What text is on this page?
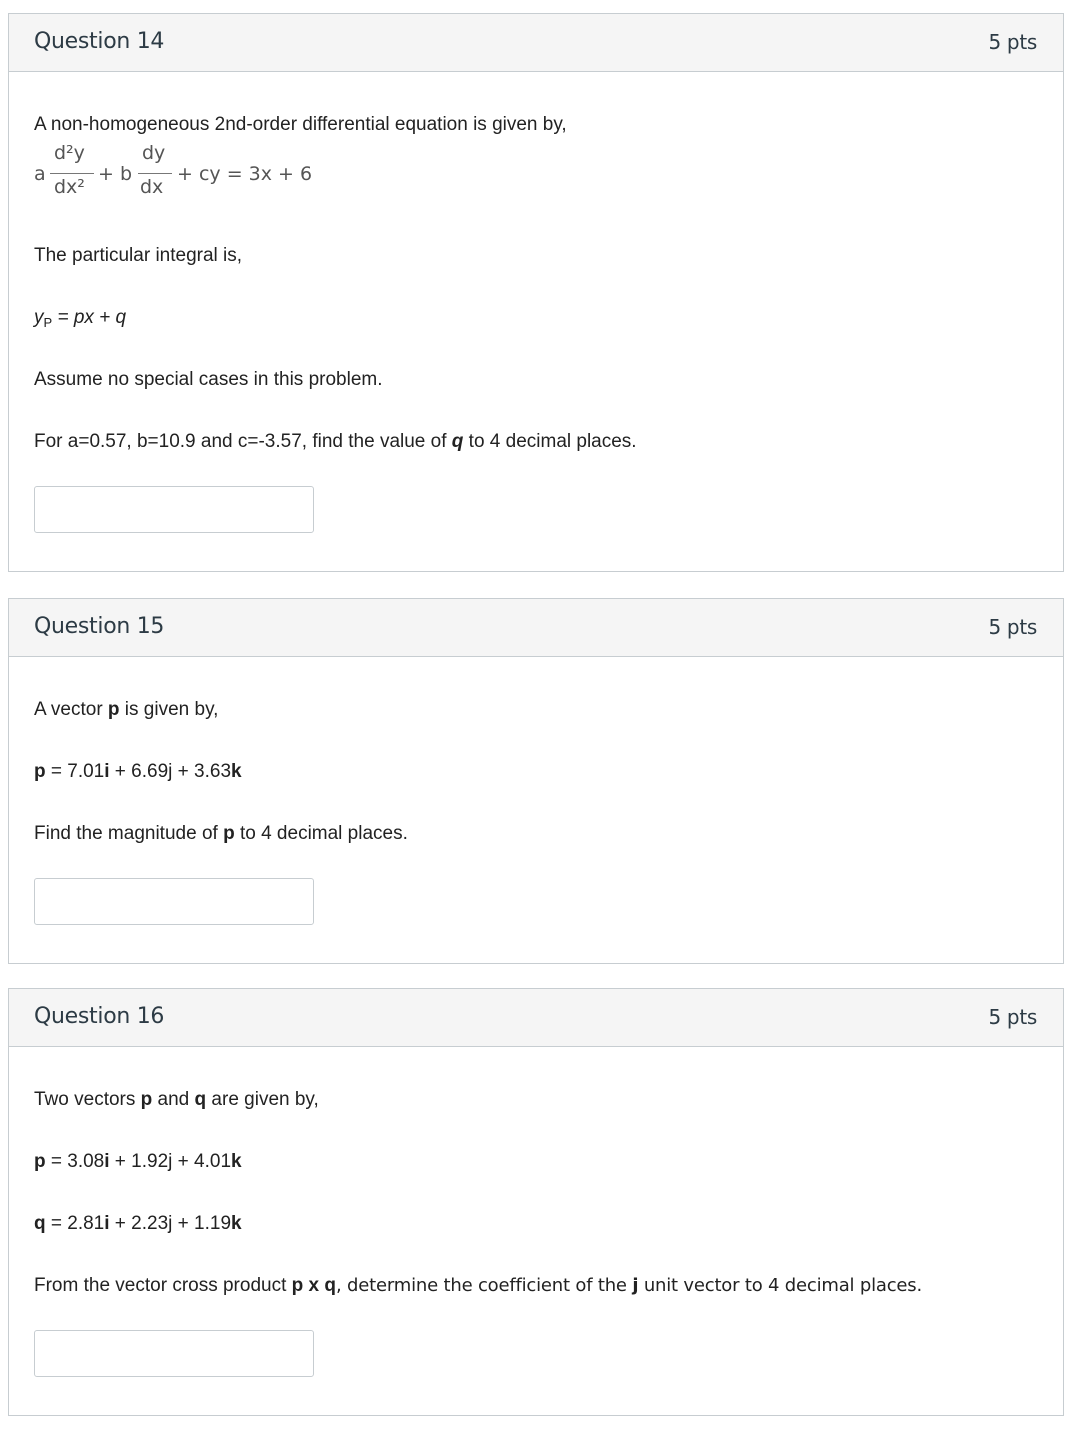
Question 14	5 pts

A non-homogeneous 2nd-order differential equation is given by,

a
d²y
dx²
+ b
dy
dx
+ cy = 3x + 6

The particular integral is,

$y_P$ = px + q

Assume no special cases in this problem.

For a=0.57, b=10.9 and c=-3.57, find the value of q to 4 decimal places.

Question 15	5 pts

A vector p is given by,

p = 7.01i + 6.69j + 3.63k

Find the magnitude of p to 4 decimal places.

Question 16	5 pts

Two vectors p and q are given by,

p = 3.08i + 1.92j + 4.01k

q = 2.81i + 2.23j + 1.19k

From the vector cross product p x q, determine the coefficient of the j unit vector to 4 decimal places.
